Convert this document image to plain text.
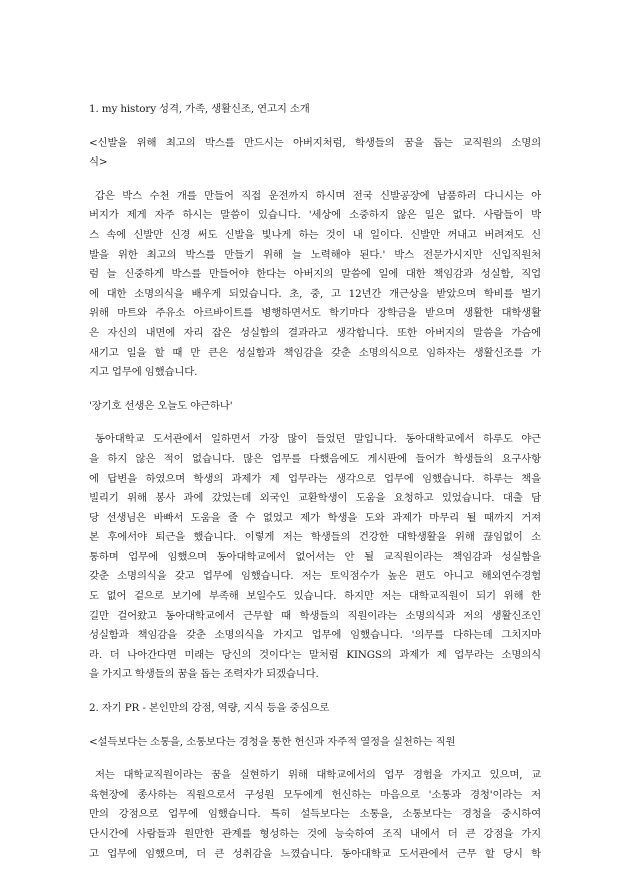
1. my history 성격, 가족, 생활신조, 연고지 소개

<신발을 위해 최고의 박스를 만드시는 아버지처럼, 학생들의 꿈을 돕는 교직원의 소명의

식>

갑은 박스 수천 개를 만들어 직접 운전까지 하시며 전국 신발공장에 납품하러 다니시는 아

버지가 제게 자주 하시는 말씀이 있습니다. '세상에 소중하지 않은 일은 없다. 사람들이 박

스 속에 신발만 신경 써도 신발을 빛나게 하는 것이 내 일이다. 신발만 꺼내고 버려져도 신

발을 위한 최고의 박스를 만들기 위해 늘 노력해야 된다.' 박스 전문가시지만 신입직원처

럼 늘 신중하게 박스를 만들어야 한다는 아버지의 말씀에 일에 대한 책임감과 성실함, 직업

에 대한 소명의식을 배우게 되었습니다. 초, 중, 고 12년간 개근상을 받았으며 학비를 벌기

위해 마트와 주유소 아르바이트를 병행하면서도 학기마다 장학금을 받으며 생활한 대학생활

은 자신의 내면에 자리 잡은 성실함의 결과라고 생각합니다. 또한 아버지의 말씀을 가슴에

새기고 일을 할 때 만 큰은 성실함과 책임감을 갖춘 소명의식으로 임하자는 생활신조를 가

지고 업무에 임했습니다.

'장기호 선생은 오늘도 야근하나'

동아대학교 도서관에서 일하면서 가장 많이 들었던 말입니다. 동아대학교에서 하루도 야근

을 하지 않은 적이 없습니다. 많은 업무를 다했음에도 게시판에 들어가 학생들의 요구사항

에 답변을 하였으며 학생의 과제가 제 업무라는 생각으로 업무에 임했습니다. 하루는 책을

빌리기 위해 봉사 과에 갔었는데 외국인 교환학생이 도움을 요청하고 있었습니다. 대출 담

당 선생님은 바빠서 도움을 줄 수 없었고 제가 학생을 도와 과제가 마무리 될 때까지 거져

본 후에서야 퇴근을 했습니다. 이렇게 저는 학생들의 건강한 대학생활을 위해 끊임없이 소

통하며 업무에 임했으며 동아대학교에서 없어서는 안 될 교직원이라는 책임감과 성실함을

갖춘 소명의식을 갖고 업무에 임했습니다. 저는 토익점수가 높은 편도 아니고 해외연수경험

도 없어 겉으로 보기에 부족해 보일수도 있습니다. 하지만 저는 대학교직원이 되기 위해 한

길만 걸어왔고 동아대학교에서 근무할 때 학생들의 직원이라는 소명의식과 저의 생활신조인

성실함과 책임감을 갖춘 소명의식을 가지고 업무에 임했습니다. '의무를 다하는데 그치지마

라. 더 나아간다면 미래는 당신의 것이다'는 말처럼 KINGS의 과제가 제 업무라는 소명의식

을 가지고 학생들의 꿈을 돕는 조력자가 되겠습니다.

2. 자기 PR - 본인만의 강점, 역량, 지식 등을 중심으로

<설득보다는 소통을, 소통보다는 경청을 통한 헌신과 자주적 열정을 실천하는 직원

저는 대학교직원이라는 꿈을 실현하기 위해 대학교에서의 업무 경험을 가지고 있으며, 교

육현장에 종사하는 직원으로서 구성원 모두에게 헌신하는 마음으로 '소통과 경청'이라는 저

만의 강점으로 업무에 임했습니다. 특히 설득보다는 소통을, 소통보다는 경청을 중시하여

단시간에 사람들과 원만한 관계를 형성하는 것에 능숙하여 조직 내에서 더 큰 강점을 가지

고 업무에 임했으며, 더 큰 성취감을 느꼈습니다. 동아대학교 도서관에서 근무 할 당시 학
